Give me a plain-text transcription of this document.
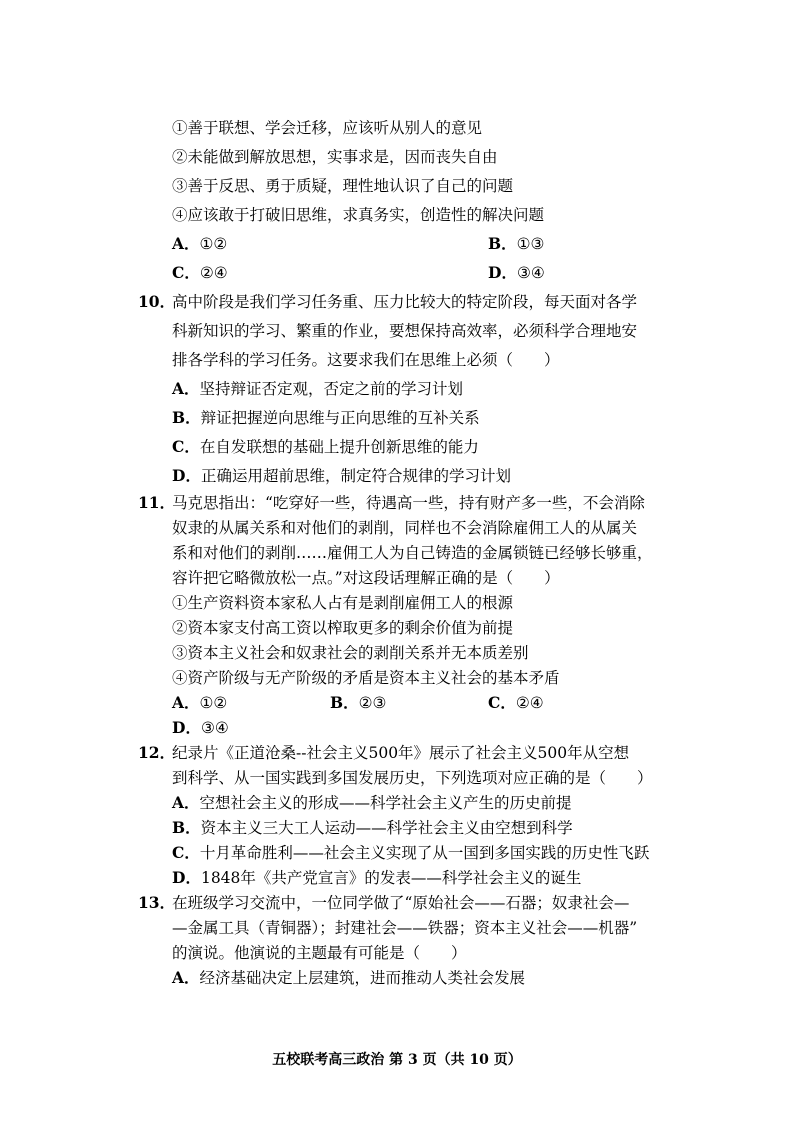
①善于联想、学会迁移，应该听从别人的意见
②未能做到解放思想，实事求是，因而丧失自由
③善于反思、勇于质疑，理性地认识了自己的问题
④应该敢于打破旧思维，求真务实，创造性的解决问题
A．①②	B．①③
C．②④	D．③④
10．
高中阶段是我们学习任务重、压力比较大的特定阶段，每天面对各学
科新知识的学习、繁重的作业，要想保持高效率，必须科学合理地安
排各学科的学习任务。这要求我们在思维上必须（　　）
A．坚持辩证否定观，否定之前的学习计划
B．辩证把握逆向思维与正向思维的互补关系
C．在自发联想的基础上提升创新思维的能力
D．正确运用超前思维，制定符合规律的学习计划
11．
马克思指出：“吃穿好一些，待遇高一些，持有财产多一些，不会消除
奴隶的从属关系和对他们的剥削，同样也不会消除雇佣工人的从属关
系和对他们的剥削……雇佣工人为自己铸造的金属锁链已经够长够重，
容许把它略微放松一点。”对这段话理解正确的是（　　）
①生产资料资本家私人占有是剥削雇佣工人的根源
②资本家支付高工资以榨取更多的剩余价值为前提
③资本主义社会和奴隶社会的剥削关系并无本质差别
④资产阶级与无产阶级的矛盾是资本主义社会的基本矛盾
A．①②	B．②③	C．②④
D．③④
12．
纪录片《正道沧桑--社会主义500年》展示了社会主义500年从空想
到科学、从一国实践到多国发展历史，下列选项对应正确的是（　　）
A．空想社会主义的形成——科学社会主义产生的历史前提
B．资本主义三大工人运动——科学社会主义由空想到科学
C．十月革命胜利——社会主义实现了从一国到多国实践的历史性飞跃
D．1848年《共产党宣言》的发表——科学社会主义的诞生
13．
在班级学习交流中，一位同学做了“原始社会——石器；奴隶社会—
—金属工具（青铜器）；封建社会——铁器；资本主义社会——机器”
的演说。他演说的主题最有可能是（　　）
A．经济基础决定上层建筑，进而推动人类社会发展
五校联考高三政治 第 3 页（共 10 页）
